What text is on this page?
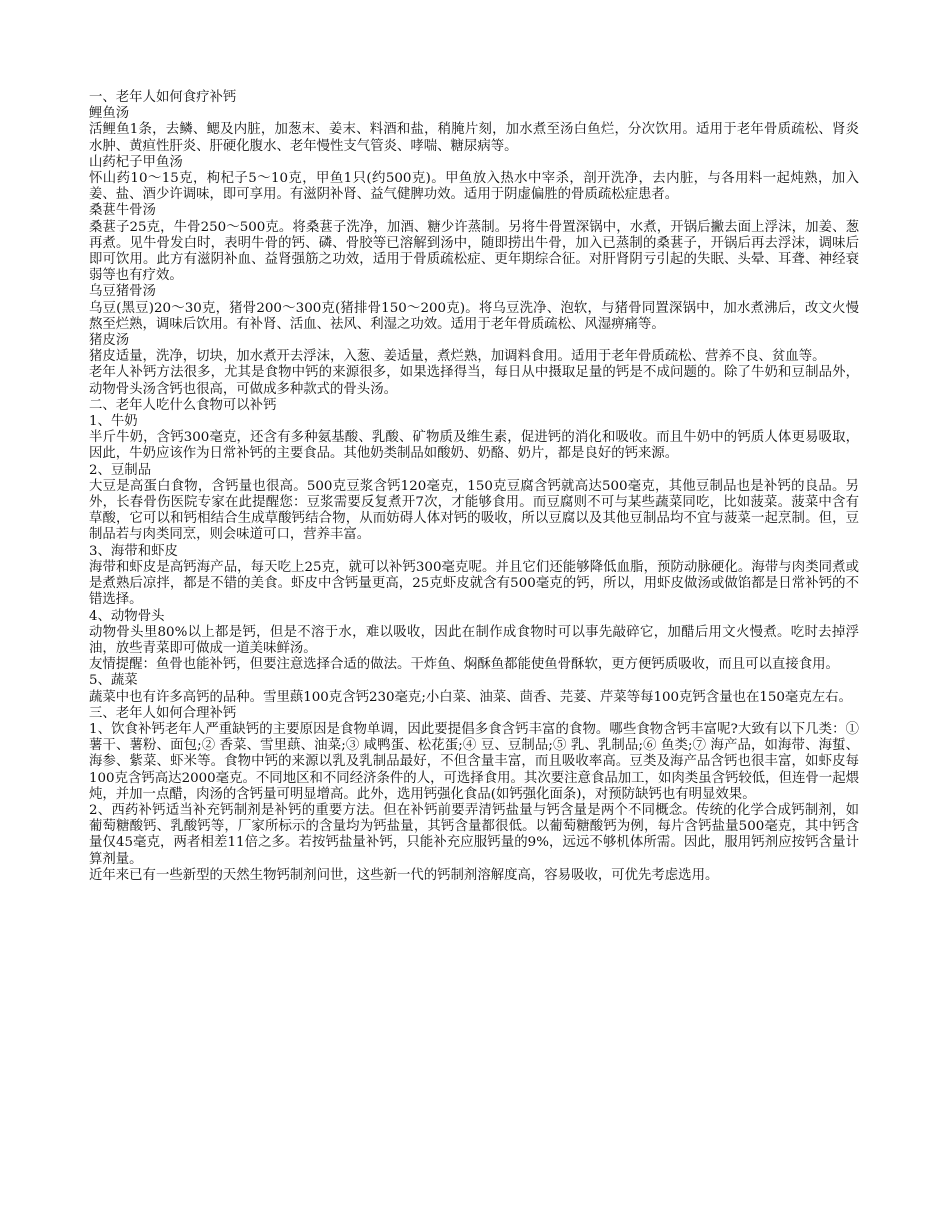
一、老年人如何食疗补钙

鲤鱼汤

活鲤鱼1条，去鳞、鳃及内脏，加葱末、姜末、料酒和盐，稍腌片刻，加水煮至汤白鱼烂，分次饮用。适用于老年骨质疏松、肾炎水肿、黄疸性肝炎、肝硬化腹水、老年慢性支气管炎、哮喘、糖尿病等。

山药杞子甲鱼汤

怀山药10～15克，枸杞子5～10克，甲鱼1只(约500克)。甲鱼放入热水中宰杀，剖开洗净，去内脏，与各用料一起炖熟，加入姜、盐、酒少许调味，即可享用。有滋阴补肾、益气健脾功效。适用于阴虚偏胜的骨质疏松症患者。

桑葚牛骨汤

桑葚子25克，牛骨250～500克。将桑葚子洗净，加酒、糖少许蒸制。另将牛骨置深锅中，水煮，开锅后撇去面上浮沫，加姜、葱再煮。见牛骨发白时，表明牛骨的钙、磷、骨胶等已溶解到汤中，随即捞出牛骨，加入已蒸制的桑葚子，开锅后再去浮沫，调味后即可饮用。此方有滋阴补血、益肾强筋之功效，适用于骨质疏松症、更年期综合征。对肝肾阴亏引起的失眠、头晕、耳聋、神经衰弱等也有疗效。

乌豆猪骨汤

乌豆(黑豆)20～30克，猪骨200～300克(猪排骨150～200克)。将乌豆洗净、泡软，与猪骨同置深锅中，加水煮沸后，改文火慢熬至烂熟，调味后饮用。有补肾、活血、祛风、利湿之功效。适用于老年骨质疏松、风湿痹痛等。

猪皮汤

猪皮适量，洗净，切块，加水煮开去浮沫，入葱、姜适量，煮烂熟，加调料食用。适用于老年骨质疏松、营养不良、贫血等。

老年人补钙方法很多，尤其是食物中钙的来源很多，如果选择得当，每日从中摄取足量的钙是不成问题的。除了牛奶和豆制品外，动物骨头汤含钙也很高，可做成多种款式的骨头汤。

二、老年人吃什么食物可以补钙

1、牛奶

半斤牛奶，含钙300毫克，还含有多种氨基酸、乳酸、矿物质及维生素，促进钙的消化和吸收。而且牛奶中的钙质人体更易吸取，因此，牛奶应该作为日常补钙的主要食品。其他奶类制品如酸奶、奶酪、奶片，都是良好的钙来源。

2、豆制品

大豆是高蛋白食物，含钙量也很高。500克豆浆含钙120毫克，150克豆腐含钙就高达500毫克，其他豆制品也是补钙的良品。另外，长春骨伤医院专家在此提醒您：豆浆需要反复煮开7次，才能够食用。而豆腐则不可与某些蔬菜同吃，比如菠菜。菠菜中含有草酸，它可以和钙相结合生成草酸钙结合物，从而妨碍人体对钙的吸收，所以豆腐以及其他豆制品均不宜与菠菜一起烹制。但，豆制品若与肉类同烹，则会味道可口，营养丰富。

3、海带和虾皮

海带和虾皮是高钙海产品，每天吃上25克，就可以补钙300毫克呢。并且它们还能够降低血脂，预防动脉硬化。海带与肉类同煮或是煮熟后凉拌，都是不错的美食。虾皮中含钙量更高，25克虾皮就含有500毫克的钙，所以，用虾皮做汤或做馅都是日常补钙的不错选择。

4、动物骨头

动物骨头里80%以上都是钙，但是不溶于水，难以吸收，因此在制作成食物时可以事先敲碎它，加醋后用文火慢煮。吃时去掉浮油，放些青菜即可做成一道美味鲜汤。

友情提醒：鱼骨也能补钙，但要注意选择合适的做法。干炸鱼、焖酥鱼都能使鱼骨酥软，更方便钙质吸收，而且可以直接食用。

5、蔬菜

蔬菜中也有许多高钙的品种。雪里蕻100克含钙230毫克;小白菜、油菜、茴香、芫荽、芹菜等每100克钙含量也在150毫克左右。

三、老年人如何合理补钙

1、饮食补钙老年人严重缺钙的主要原因是食物单调，因此要提倡多食含钙丰富的食物。哪些食物含钙丰富呢?大致有以下几类：①薯干、薯粉、面包;② 香菜、雪里蕻、油菜;③ 咸鸭蛋、松花蛋;④ 豆、豆制品;⑤ 乳、乳制品;⑥ 鱼类;⑦ 海产品，如海带、海蜇、海参、紫菜、虾米等。食物中钙的来源以乳及乳制品最好，不但含量丰富，而且吸收率高。豆类及海产品含钙也很丰富，如虾皮每100克含钙高达2000毫克。不同地区和不同经济条件的人，可选择食用。其次要注意食品加工，如肉类虽含钙较低，但连骨一起煨炖，并加一点醋，肉汤的含钙量可明显增高。此外，选用钙强化食品(如钙强化面条)，对预防缺钙也有明显效果。

2、西药补钙适当补充钙制剂是补钙的重要方法。但在补钙前要弄清钙盐量与钙含量是两个不同概念。传统的化学合成钙制剂，如葡萄糖酸钙、乳酸钙等，厂家所标示的含量均为钙盐量，其钙含量都很低。以葡萄糖酸钙为例，每片含钙盐量500毫克，其中钙含量仅45毫克，两者相差11倍之多。若按钙盐量补钙，只能补充应服钙量的9%，远远不够机体所需。因此，服用钙剂应按钙含量计算剂量。

近年来已有一些新型的天然生物钙制剂问世，这些新一代的钙制剂溶解度高，容易吸收，可优先考虑选用。
